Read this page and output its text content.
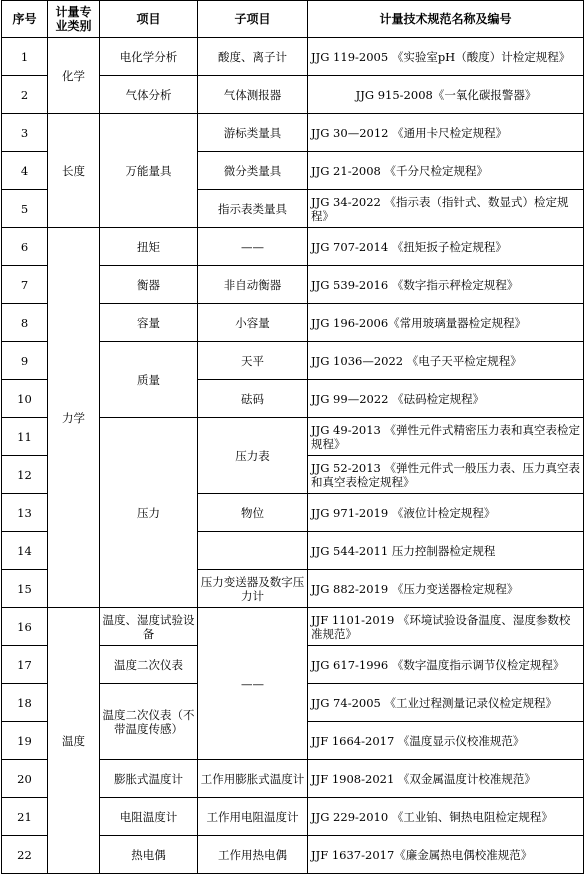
序号	计量专业类别	项目	子项目	计量技术规范名称及编号
1	化学	电化学分析	酸度、离子计	JJG 119-2005 《实验室pH（酸度）计检定规程》
2		气体分析	气体测报器	JJG 915-2008《一氧化碳报警器》
3	长度	万能量具	游标类量具	JJG 30—2012 《通用卡尺检定规程》
4			微分类量具	JJG 21-2008 《千分尺检定规程》
5			指示表类量具	JJG 34-2022 《指示表（指针式、数显式）检定规程》
6	力学	扭矩	——	JJG 707-2014 《扭矩扳子检定规程》
7		衡器	非自动衡器	JJG 539-2016 《数字指示秤检定规程》
8		容量	小容量	JJG 196-2006《常用玻璃量器检定规程》
9		质量	天平	JJG 1036—2022 《电子天平检定规程》
10			砝码	JJG 99—2022 《砝码检定规程》
11		压力	压力表	JJG 49-2013 《弹性元件式精密压力表和真空表检定规程》
12				JJG 52-2013 《弹性元件式一般压力表、压力真空表和真空表检定规程》
13			物位	JJG 971-2019 《液位计检定规程》
14				JJG 544-2011 压力控制器检定规程
15			压力变送器及数字压力计	JJG 882-2019 《压力变送器检定规程》
16	温度	温度、湿度试验设备	——	JJF 1101-2019 《环境试验设备温度、湿度参数校准规范》
17		温度二次仪表		JJG 617-1996 《数字温度指示调节仪检定规程》
18		温度二次仪表（不带温度传感）		JJG 74-2005 《工业过程测量记录仪检定规程》
19				JJF 1664-2017 《温度显示仪校准规范》
20		膨胀式温度计	工作用膨胀式温度计	JJF 1908-2021 《双金属温度计校准规范》
21		电阻温度计	工作用电阻温度计	JJG 229-2010 《工业铂、铜热电阻检定规程》
22		热电偶	工作用热电偶	JJF 1637-2017《廉金属热电偶校准规范》
